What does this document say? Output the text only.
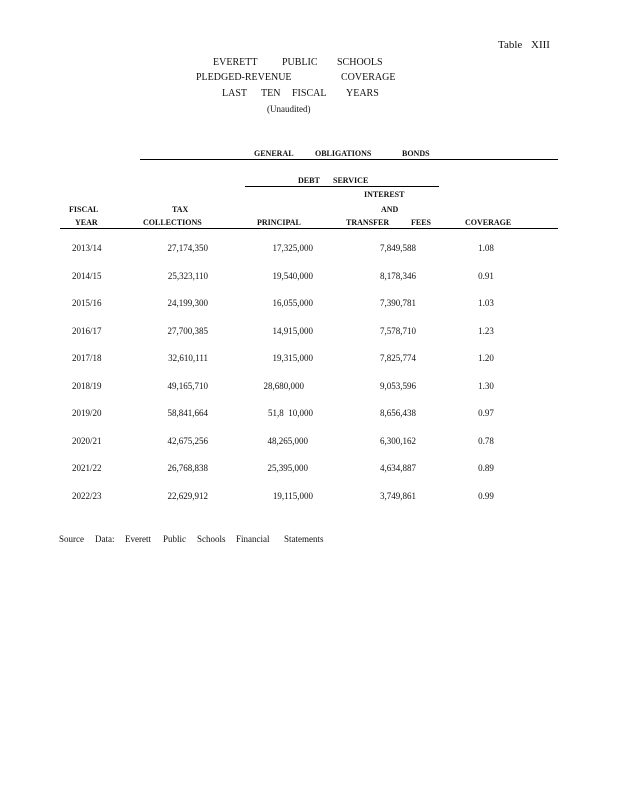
Table XIII
EVERETT PUBLIC SCHOOLS
PLEDGED-REVENUE	COVERAGE
LAST TEN FISCAL YEARS
(Unaudited)
GENERAL	OBLIGATIONS	BONDS
DEBT SERVICE
INTEREST
AND
FISCAL
YEAR
TAX
COLLECTIONS	PRINCIPAL	TRANSFER	FEES	COVERAGE
2013/14	27,174,350	17,325,000	7,849,588	1.08
2014/15	25,323,110	19,540,000	8,178,346	0.91
2015/16	24,199,300	16,055,000	7,390,781	1.03
2016/17	27,700,385	14,915,000	7,578,710	1.23
2017/18	32,610,111	19,315,000	7,825,774	1.20
2018/19	49,165,710	28,680,000	9,053,596	1.30
2019/20	58,841,664	51,8  10,000	8,656,438	0.97
2020/21	42,675,256	48,265,000	6,300,162	0.78
2021/22	26,768,838	25,395,000	4,634,887	0.89
2022/23	22,629,912	19,115,000	3,749,861	0.99
Source Data: Everett Public Schools Financial Statements
